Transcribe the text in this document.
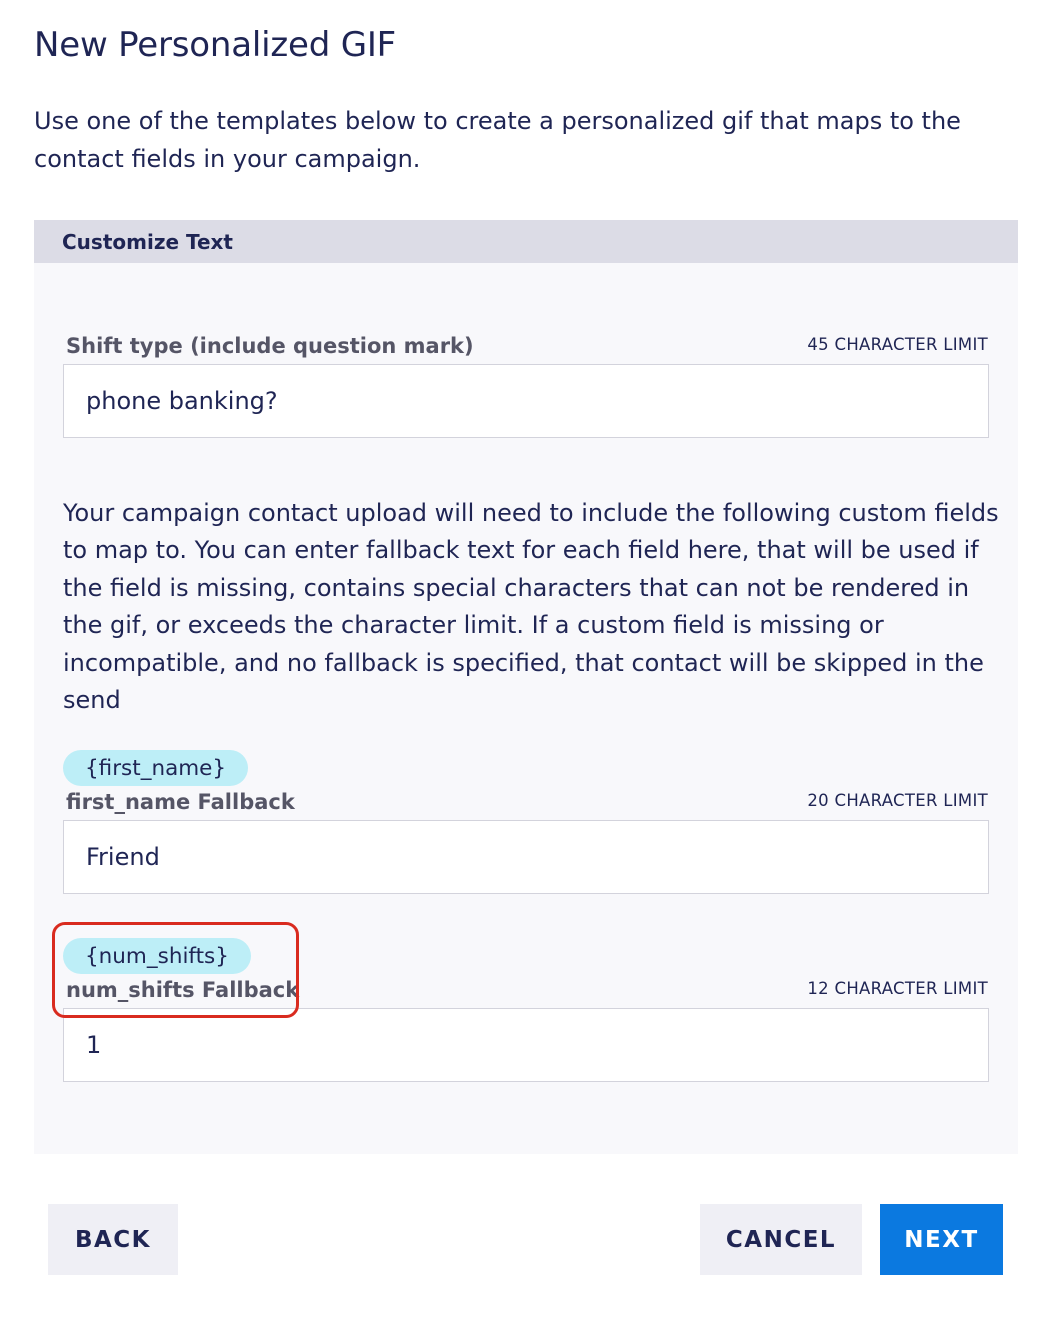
New Personalized GIF
Use one of the templates below to create a personalized gif that maps to the contact fields in your campaign.
Customize Text
Shift type (include question mark)	45 CHARACTER LIMIT
phone banking?
Your campaign contact upload will need to include the following custom fields to map to. You can enter fallback text for each field here, that will be used if the field is missing, contains special characters that can not be rendered in the gif, or exceeds the character limit. If a custom field is missing or incompatible, and no fallback is specified, that contact will be skipped in the send
{first_name}
first_name Fallback	20 CHARACTER LIMIT
Friend
{num_shifts}
num_shifts Fallback	12 CHARACTER LIMIT
1
BACK	CANCEL	NEXT
